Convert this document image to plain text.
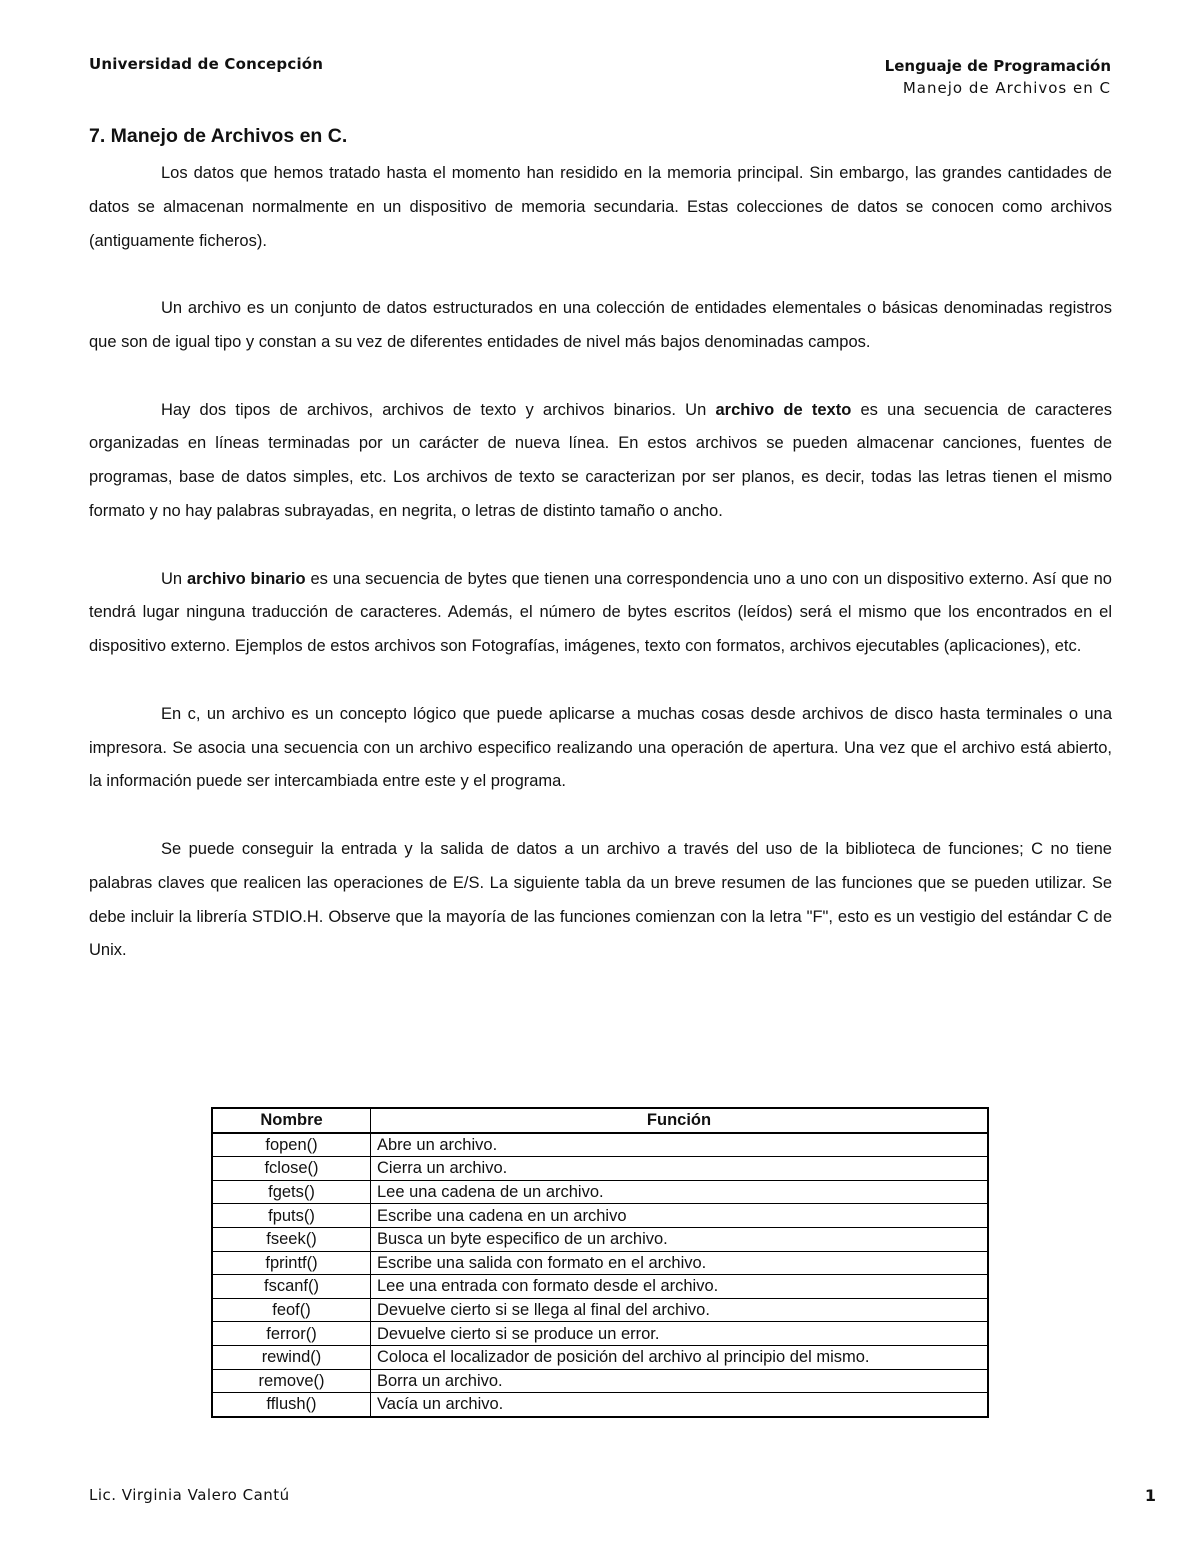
Universidad de Concepción	Lenguaje de Programación
Manejo de Archivos en C
7. Manejo de Archivos en C.

Los datos que hemos tratado hasta el momento han residido en la memoria principal. Sin embargo, las grandes cantidades de datos se almacenan normalmente en un dispositivo de memoria secundaria. Estas colecciones de datos se conocen como archivos (antiguamente ficheros).

Un archivo es un conjunto de datos estructurados en una colección de entidades elementales o básicas denominadas registros que son de igual tipo y constan a su vez de diferentes entidades de nivel más bajos denominadas campos.

Hay dos tipos de archivos, archivos de texto y archivos binarios. Un archivo de texto es una secuencia de caracteres organizadas en líneas terminadas por un carácter de nueva línea. En estos archivos se pueden almacenar canciones, fuentes de programas, base de datos simples, etc. Los archivos de texto se caracterizan por ser planos, es decir, todas las letras tienen el mismo formato y no hay palabras subrayadas, en negrita, o letras de distinto tamaño o ancho.

Un archivo binario es una secuencia de bytes que tienen una correspondencia uno a uno con un dispositivo externo. Así que no tendrá lugar ninguna traducción de caracteres. Además, el número de bytes escritos (leídos) será el mismo que los encontrados en el dispositivo externo. Ejemplos de estos archivos son Fotografías, imágenes, texto con formatos, archivos ejecutables (aplicaciones), etc.

En c, un archivo es un concepto lógico que puede aplicarse a muchas cosas desde archivos de disco hasta terminales o una impresora. Se asocia una secuencia con un archivo especifico realizando una operación de apertura. Una vez que el archivo está abierto, la información puede ser intercambiada entre este y el programa.

Se puede conseguir la entrada y la salida de datos a un archivo a través del uso de la biblioteca de funciones; C no tiene palabras claves que realicen las operaciones de E/S. La siguiente tabla da un breve resumen de las funciones que se pueden utilizar. Se debe incluir la librería STDIO.H. Observe que la mayoría de las funciones comienzan con la letra "F", esto es un vestigio del estándar C de Unix.

Nombre	Función
fopen()	Abre un archivo.
fclose()	Cierra un archivo.
fgets()	Lee una cadena de un archivo.
fputs()	Escribe una cadena en un archivo
fseek()	Busca un byte especifico de un archivo.
fprintf()	Escribe una salida con formato en el archivo.
fscanf()	Lee una entrada con formato desde el archivo.
feof()	Devuelve cierto si se llega al final del archivo.
ferror()	Devuelve cierto si se produce un error.
rewind()	Coloca el localizador de posición del archivo al principio del mismo.
remove()	Borra un archivo.
fflush()	Vacía un archivo.
Lic. Virginia Valero Cantú	1
